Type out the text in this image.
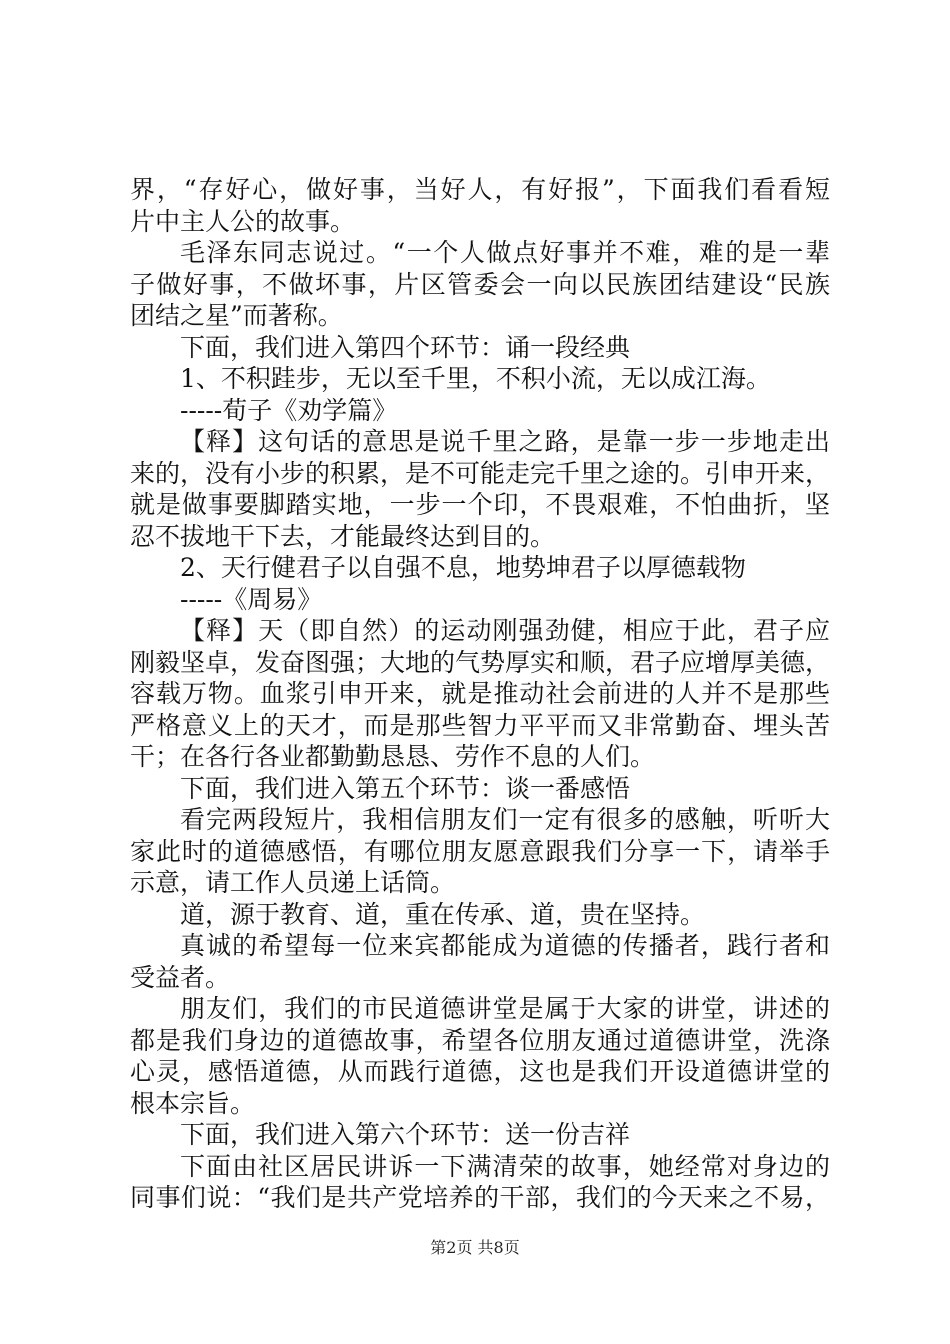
界，“存好心，做好事，当好人，有好报”，下面我们看看短
片中主人公的故事。
毛泽东同志说过。“一个人做点好事并不难，难的是一辈
子做好事，不做坏事，片区管委会一向以民族团结建设“民族
团结之星”而著称。
下面，我们进入第四个环节：诵一段经典
1、不积跬步，无以至千里，不积小流，无以成江海。
-----荀子《劝学篇》
【释】这句话的意思是说千里之路，是靠一步一步地走出
来的，没有小步的积累，是不可能走完千里之途的。引申开来，
就是做事要脚踏实地，一步一个印，不畏艰难，不怕曲折，坚
忍不拔地干下去，才能最终达到目的。
2、天行健君子以自强不息，地势坤君子以厚德载物
-----《周易》
【释】天（即自然）的运动刚强劲健，相应于此，君子应
刚毅坚卓，发奋图强；大地的气势厚实和顺，君子应增厚美德，
容载万物。血浆引申开来，就是推动社会前进的人并不是那些
严格意义上的天才，而是那些智力平平而又非常勤奋、埋头苦
干；在各行各业都勤勤恳恳、劳作不息的人们。
下面，我们进入第五个环节：谈一番感悟
看完两段短片，我相信朋友们一定有很多的感触，听听大
家此时的道德感悟，有哪位朋友愿意跟我们分享一下，请举手
示意，请工作人员递上话筒。
道，源于教育、道，重在传承、道，贵在坚持。
真诚的希望每一位来宾都能成为道德的传播者，践行者和
受益者。
朋友们，我们的市民道德讲堂是属于大家的讲堂，讲述的
都是我们身边的道德故事，希望各位朋友通过道德讲堂，洗涤
心灵，感悟道德，从而践行道德，这也是我们开设道德讲堂的
根本宗旨。
下面，我们进入第六个环节：送一份吉祥
下面由社区居民讲诉一下满清荣的故事，她经常对身边的
同事们说：“我们是共产党培养的干部，我们的今天来之不易，
第2页 共8页
